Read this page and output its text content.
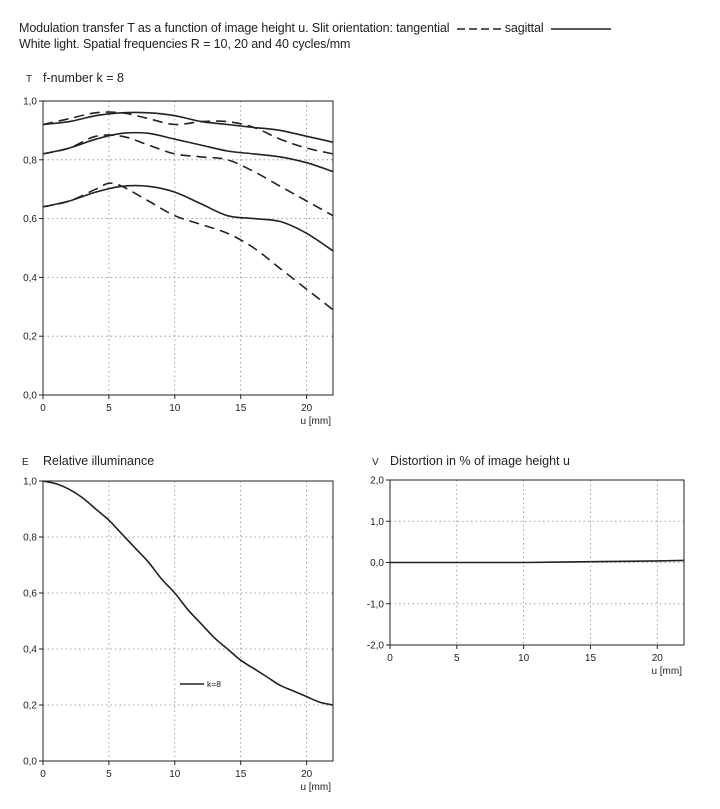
Modulation transfer T as a function of image height u. Slit orientation: tangential	sagittal
White light. Spatial frequencies R = 10, 20 and 40 cycles/mm
T f-number k = 8
0	5	10	15	20
0,0
0,2
0,4
0,6
0,8
1,0
u [mm]
E Relative illuminance
0	5	10	15	20
0,0
0,2
0,4
0,6
0,8
1,0
u [mm]
k=8
V Distortion in % of image height u
0	5	10	15	20
-2,0
-1,0
0,0
1,0
2,0
u [mm]
